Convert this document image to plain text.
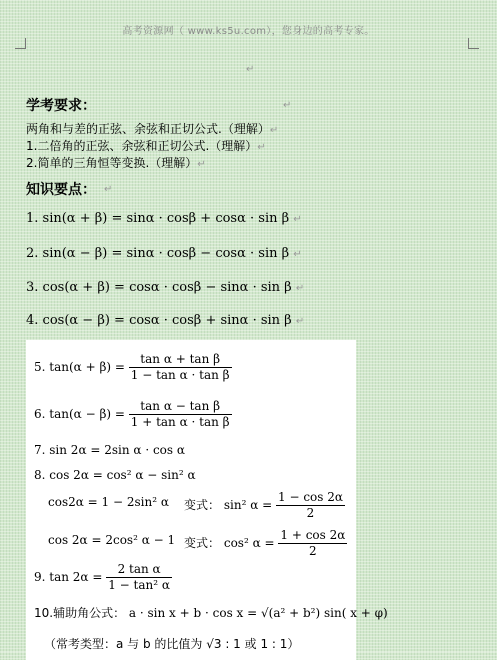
高考资源网（ www.ks5u.com），您身边的高考专家。
↵
学考要求：	↵
两角和与差的正弦、余弦和正切公式.（理解）↵
1.二倍角的正弦、余弦和正切公式.（理解）↵
2.简单的三角恒等变换.（理解）↵
知识要点： ↵
1. sin(α + β) = sinα · cosβ + cosα · sin β ↵
2. sin(α − β) = sinα · cosβ − cosα · sin β ↵
3. cos(α + β) = cosα · cosβ − sinα · sin β ↵
4. cos(α − β) = cosα · cosβ + sinα · sin β ↵
5. $\tan(\alpha + \beta) = \frac{\text{tan α + tan β}}{\text{1 − tan α · tan β}}$
6. $\tan(\alpha - \beta) = \frac{\text{tan α − tan β}}{\text{1 + tan α · tan β}}$
7. sin 2α = 2sin α · cos α
8. cos 2α = cos² α − sin² α
cos2α = 1 − 2sin² α 变式： sin² $\alpha = \frac{1 - \cos 2\alpha}{2}$
cos 2α = 2cos² α − 1 变式： cos² $\alpha = \frac{1 + \cos 2\alpha}{2}$
9. $\tan 2\alpha = \frac{\text{2 tan α}}{\text{1 − tan² α}}$
10.辅助角公式： a · sin x + b · cos x = √(a² + b²) sin( x + φ)
（常考类型：a 与 b 的比值为 √3 : 1 或 1 : 1）
